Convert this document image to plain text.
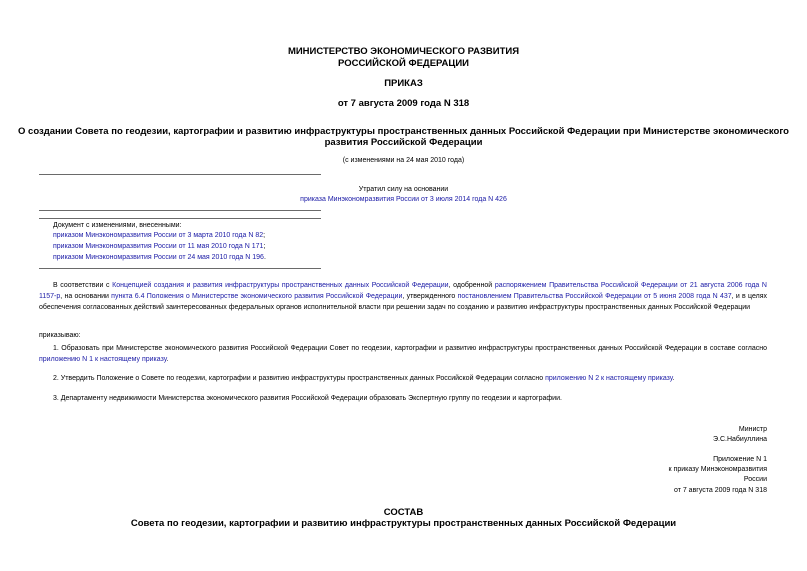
МИНИСТЕРСТВО ЭКОНОМИЧЕСКОГО РАЗВИТИЯ
РОССИЙСКОЙ ФЕДЕРАЦИИ
ПРИКАЗ
от 7 августа 2009 года N 318
О создании Совета по геодезии, картографии и развитию инфраструктуры пространственных данных Российской Федерации при Министерстве экономического
развития Российской Федерации
(с изменениями на 24 мая 2010 года)
Утратил силу на основании
приказа Минэкономразвития России от 3 июля 2014 года N 426
Документ с изменениями, внесенными:
приказом Минэкономразвития России от 3 марта 2010 года N 82;
приказом Минэкономразвития России от 11 мая 2010 года N 171;
приказом Минэкономразвития России от 24 мая 2010 года N 196.
В соответствии с Концепцией создания и развития инфраструктуры пространственных данных Российской Федерации, одобренной распоряжением Правительства Российской Федерации от 21 августа 2006 года N 1157-р, на основании пункта 6.4 Положения о Министерстве экономического развития Российской Федерации, утвержденного постановлением Правительства Российской Федерации от 5 июня 2008 года N 437, и в целях обеспечения согласованных действий заинтересованных федеральных органов исполнительной власти при решении задач по созданию и развитию инфраструктуры пространственных данных Российской Федерации
приказываю:
1. Образовать при Министерстве экономического развития Российской Федерации Совет по геодезии, картографии и развитию инфраструктуры пространственных данных Российской Федерации в составе согласно приложению N 1 к настоящему приказу.
2. Утвердить Положение о Совете по геодезии, картографии и развитию инфраструктуры пространственных данных Российской Федерации согласно приложению N 2 к настоящему приказу.
3. Департаменту недвижимости Министерства экономического развития Российской Федерации образовать Экспертную группу по геодезии и картографии.
Министр
Э.С.Набиуллина
Приложение N 1
к приказу Минэкономразвития
России
от 7 августа 2009 года N 318
СОСТАВ
Совета по геодезии, картографии и развитию инфраструктуры пространственных данных Российской Федерации
